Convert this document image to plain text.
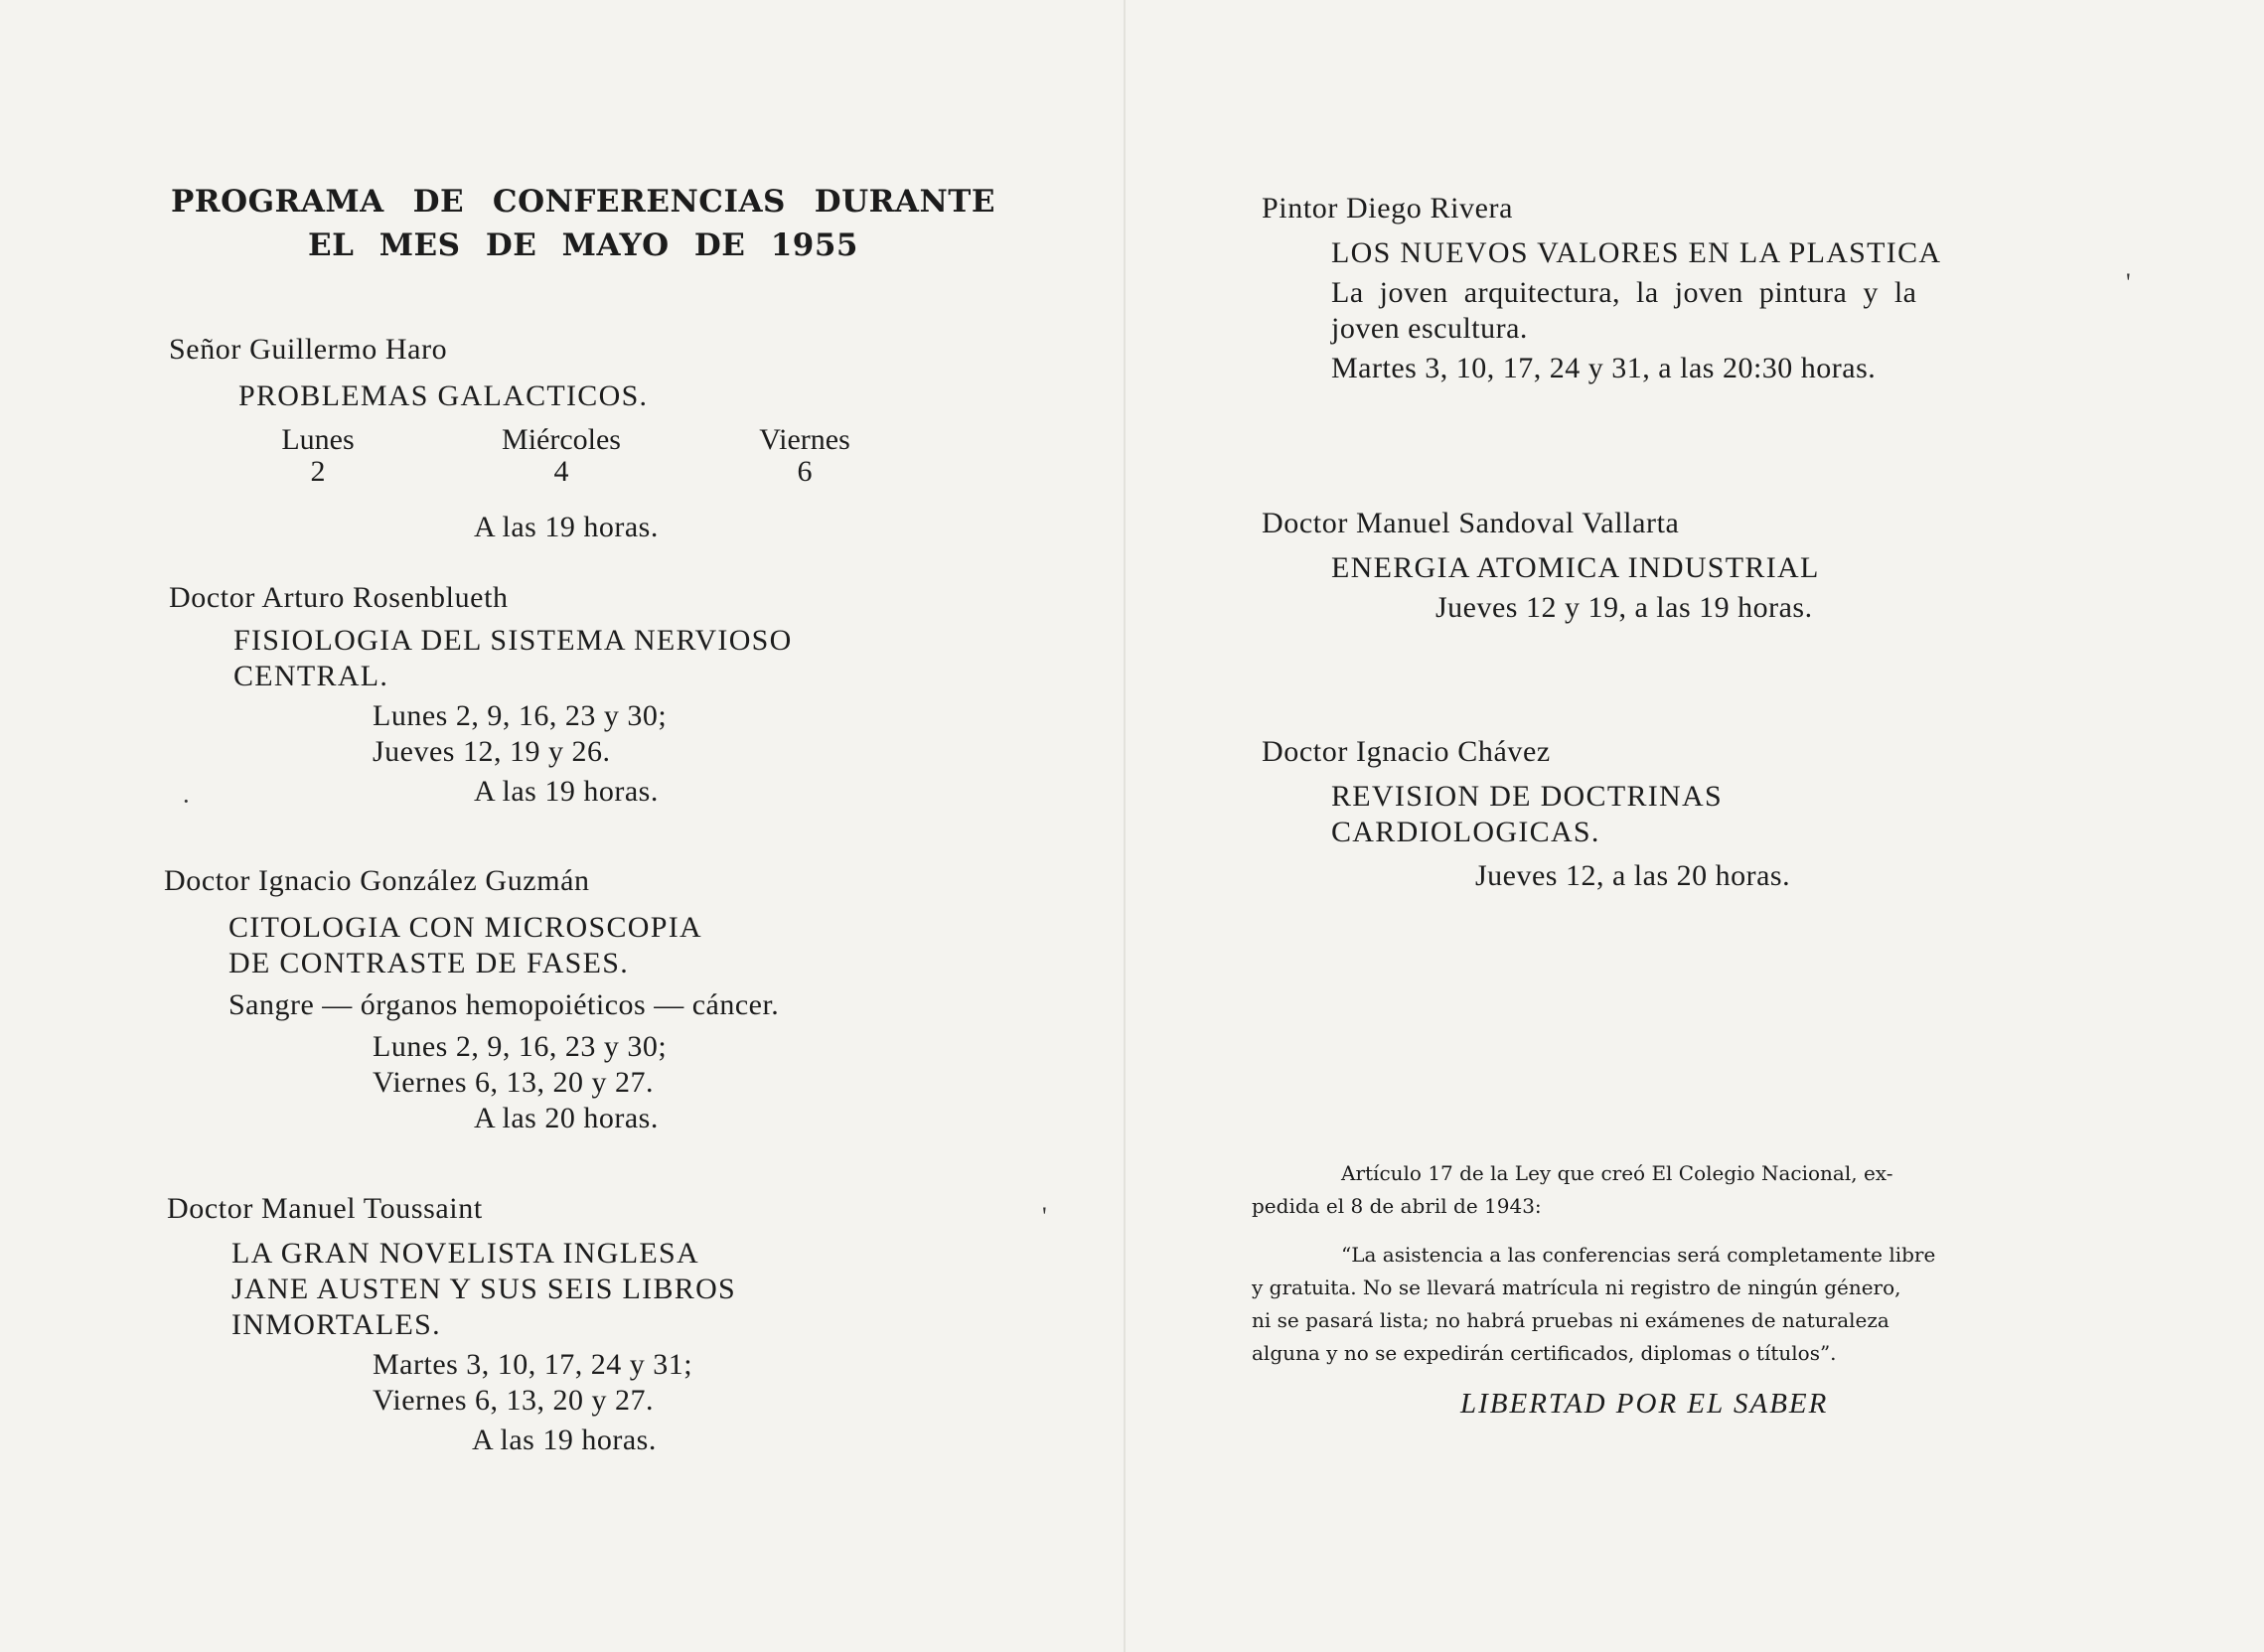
PROGRAMA DE CONFERENCIAS DURANTE
EL MES DE MAYO DE 1955
Señor Guillermo Haro
PROBLEMAS GALACTICOS.
Lunes
2
Miércoles
4
Viernes
6
A las 19 horas.
Doctor Arturo Rosenblueth
FISIOLOGIA DEL SISTEMA NERVIOSO
CENTRAL.
Lunes 2, 9, 16, 23 y 30;
Jueves 12, 19 y 26.
A las 19 horas.
Doctor Ignacio González Guzmán
CITOLOGIA CON MICROSCOPIA
DE CONTRASTE DE FASES.
Sangre — órganos hemopoiéticos — cáncer.
Lunes 2, 9, 16, 23 y 30;
Viernes 6, 13, 20 y 27.
A las 20 horas.
Doctor Manuel Toussaint
LA GRAN NOVELISTA INGLESA
JANE AUSTEN Y SUS SEIS LIBROS
INMORTALES.
Martes 3, 10, 17, 24 y 31;
Viernes 6, 13, 20 y 27.
A las 19 horas.
Pintor Diego Rivera
LOS NUEVOS VALORES EN LA PLASTICA
La joven arquitectura, la joven pintura y la
joven escultura.
Martes 3, 10, 17, 24 y 31, a las 20:30 horas.
Doctor Manuel Sandoval Vallarta
ENERGIA ATOMICA INDUSTRIAL
Jueves 12 y 19, a las 19 horas.
Doctor Ignacio Chávez
REVISION DE DOCTRINAS
CARDIOLOGICAS.
Jueves 12, a las 20 horas.
Artículo 17 de la Ley que creó El Colegio Nacional, ex-
pedida el 8 de abril de 1943:
“La asistencia a las conferencias será completamente libre
y gratuita. No se llevará matrícula ni registro de ningún género,
ni se pasará lista; no habrá pruebas ni exámenes de naturaleza
alguna y no se expedirán certificados, diplomas o títulos”.
LIBERTAD POR EL SABER
·
'
'
